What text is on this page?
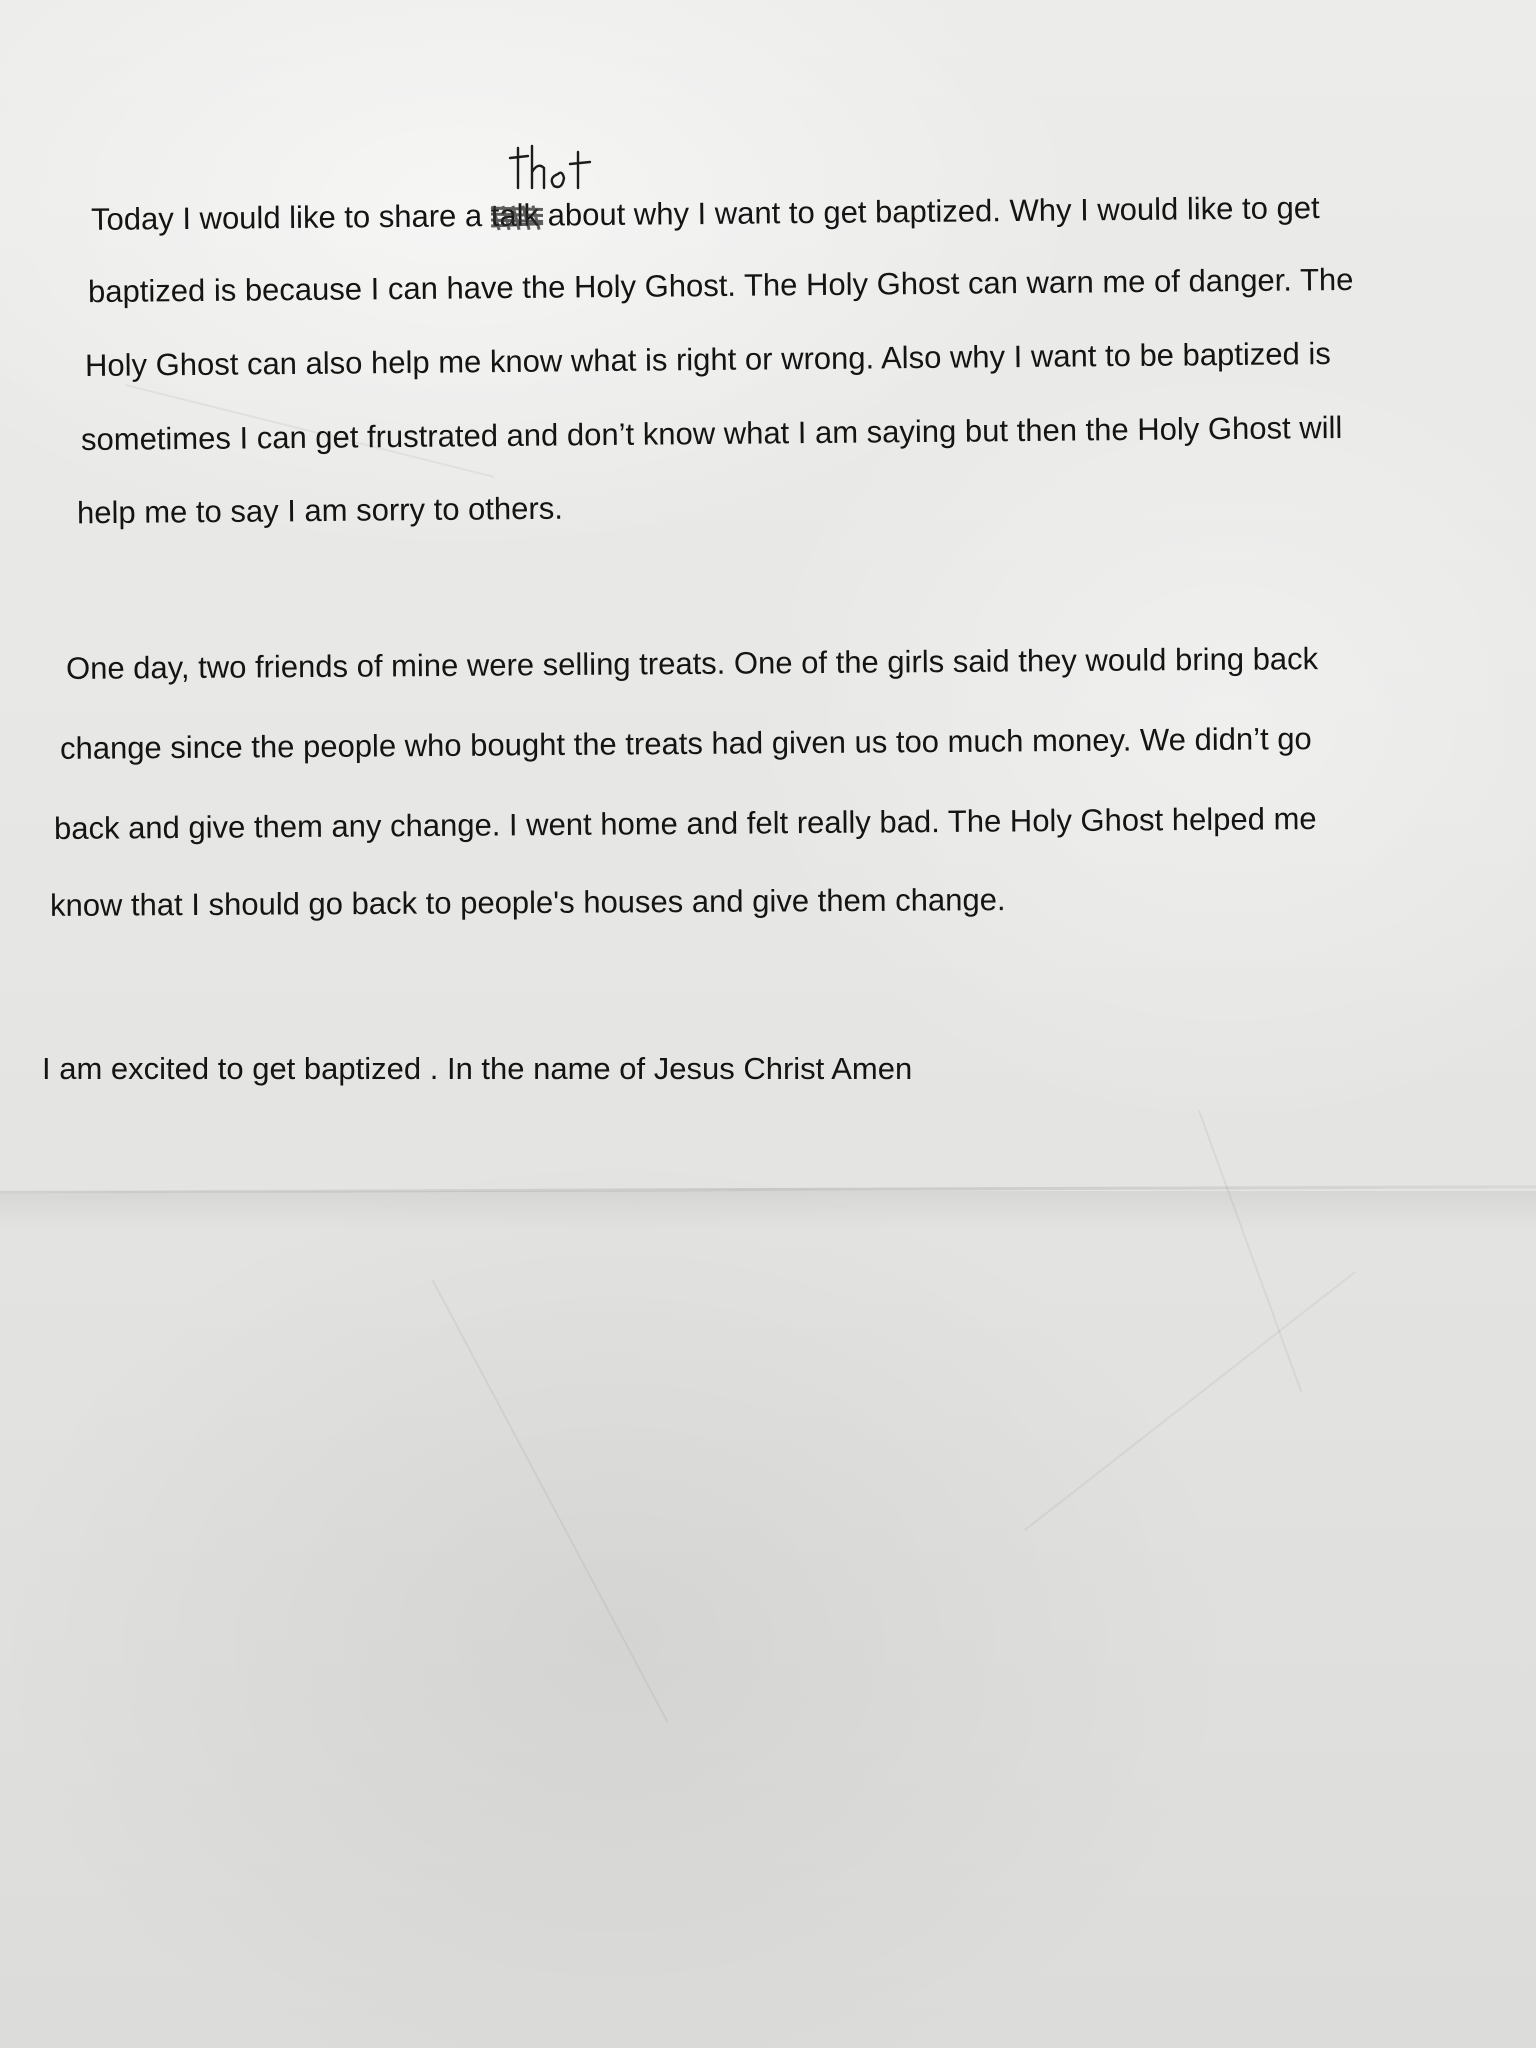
Today I would like to share a talk
about why I want to get baptized. Why I would like to get
baptized is because I can have the Holy Ghost. The Holy Ghost can warn me of danger. The
Holy Ghost can also help me know what is right or wrong. Also why I want to be baptized is
sometimes I can get frustrated and don’t know what I am saying but then the Holy Ghost will
help me to say I am sorry to others.
One day, two friends of mine were selling treats. One of the girls said they would bring back
change since the people who bought the treats had given us too much money. We didn’t go
back and give them any change. I went home and felt really bad. The Holy Ghost helped me
know that I should go back to people's houses and give them change.
I am excited to get baptized . In the name of Jesus Christ Amen
